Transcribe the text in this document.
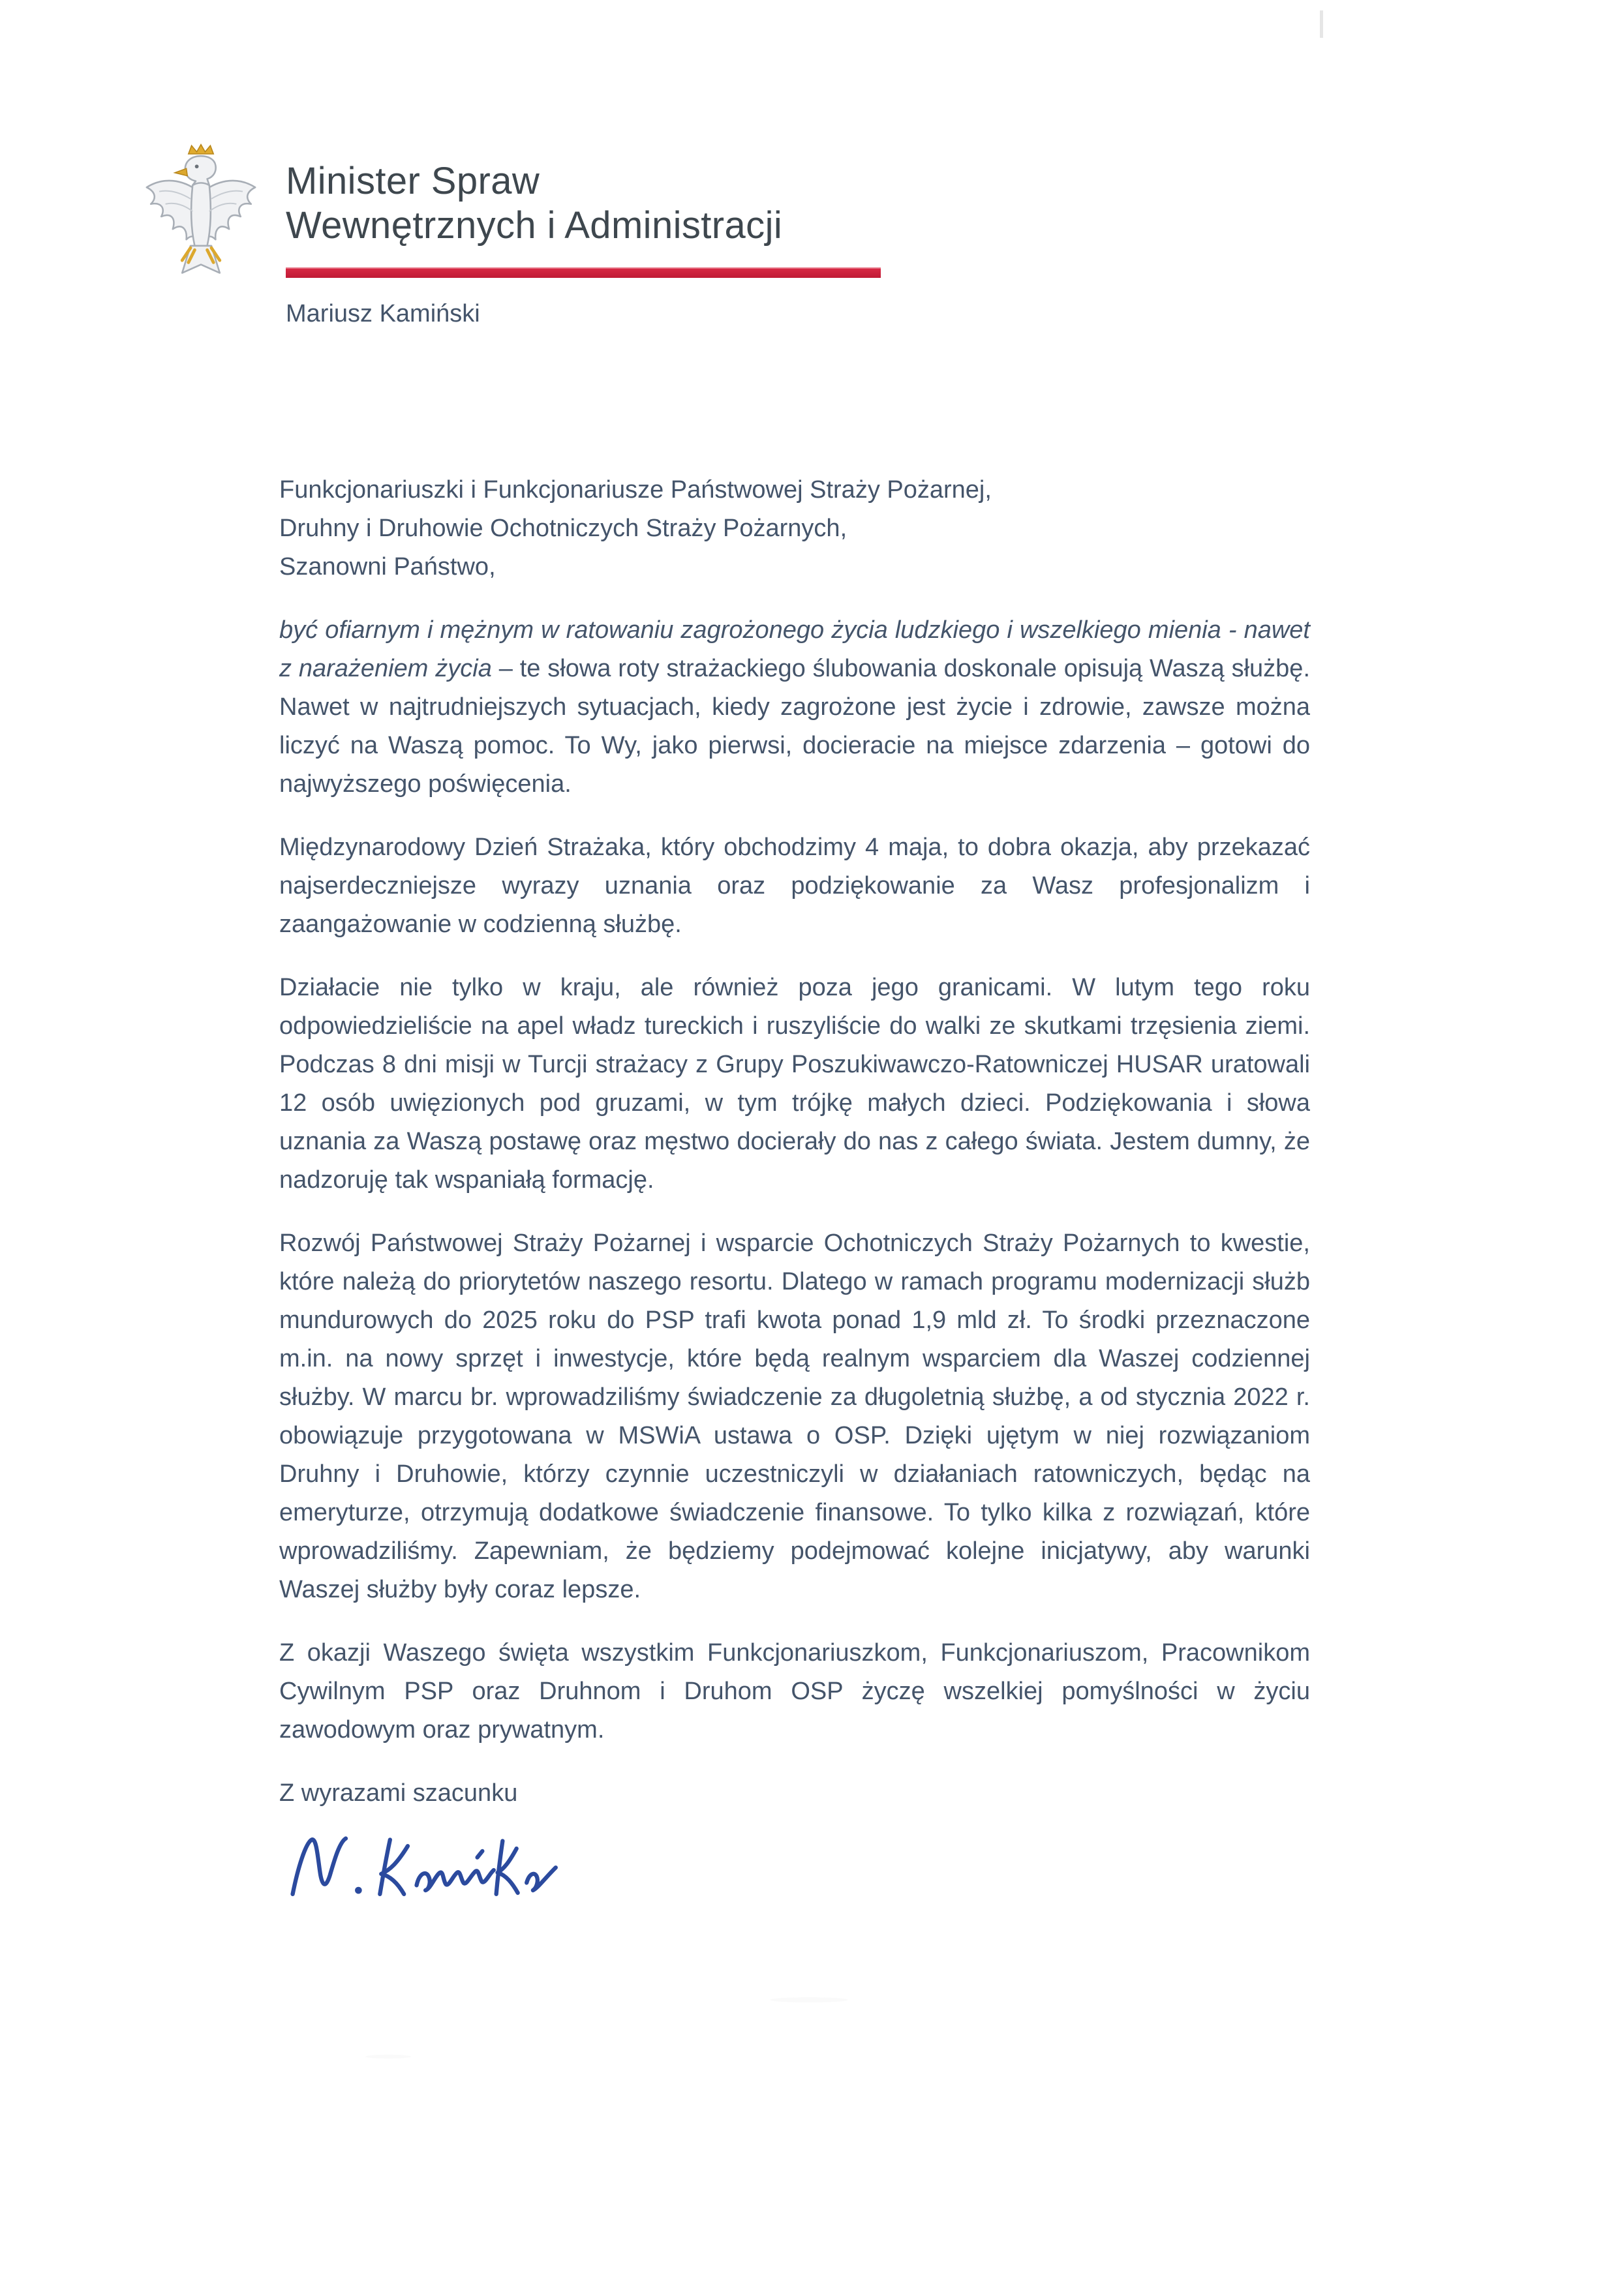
Minister Spraw
Wewnętrznych i Administracji
Mariusz Kamiński
Funkcjonariuszki i Funkcjonariusze Państwowej Straży Pożarnej,
Druhny i Druhowie Ochotniczych Straży Pożarnych,
Szanowni Państwo,

być ofiarnym i mężnym w ratowaniu zagrożonego życia ludzkiego i wszelkiego mienia - nawet z narażeniem życia – te słowa roty strażackiego ślubowania doskonale opisują Waszą służbę. Nawet w najtrudniejszych sytuacjach, kiedy zagrożone jest życie i zdrowie, zawsze można liczyć na Waszą pomoc. To Wy, jako pierwsi, docieracie na miejsce zdarzenia – gotowi do najwyższego poświęcenia.

Międzynarodowy Dzień Strażaka, który obchodzimy 4 maja, to dobra okazja, aby przekazać najserdeczniejsze wyrazy uznania oraz podziękowanie za Wasz profesjonalizm i zaangażowanie w codzienną służbę.

Działacie nie tylko w kraju, ale również poza jego granicami. W lutym tego roku odpowiedzieliście na apel władz tureckich i ruszyliście do walki ze skutkami trzęsienia ziemi. Podczas 8 dni misji w Turcji strażacy z Grupy Poszukiwawczo-Ratowniczej HUSAR uratowali 12 osób uwięzionych pod gruzami, w tym trójkę małych dzieci. Podziękowania i słowa uznania za Waszą postawę oraz męstwo docierały do nas z całego świata. Jestem dumny, że nadzoruję tak wspaniałą formację.

Rozwój Państwowej Straży Pożarnej i wsparcie Ochotniczych Straży Pożarnych to kwestie, które należą do priorytetów naszego resortu. Dlatego w ramach programu modernizacji służb mundurowych do 2025 roku do PSP trafi kwota ponad 1,9 mld zł. To środki przeznaczone m.in. na nowy sprzęt i inwestycje, które będą realnym wsparciem dla Waszej codziennej służby. W marcu br. wprowadziliśmy świadczenie za długoletnią służbę, a od stycznia 2022 r. obowiązuje przygotowana w MSWiA ustawa o OSP. Dzięki ujętym w niej rozwiązaniom Druhny i Druhowie, którzy czynnie uczestniczyli w działaniach ratowniczych, będąc na emeryturze, otrzymują dodatkowe świadczenie finansowe. To tylko kilka z rozwiązań, które wprowadziliśmy. Zapewniam, że będziemy podejmować kolejne inicjatywy, aby warunki Waszej służby były coraz lepsze.

Z okazji Waszego święta wszystkim Funkcjonariuszkom, Funkcjonariuszom, Pracownikom Cywilnym PSP oraz Druhnom i Druhom OSP życzę wszelkiej pomyślności w życiu zawodowym oraz prywatnym.

Z wyrazami szacunku
